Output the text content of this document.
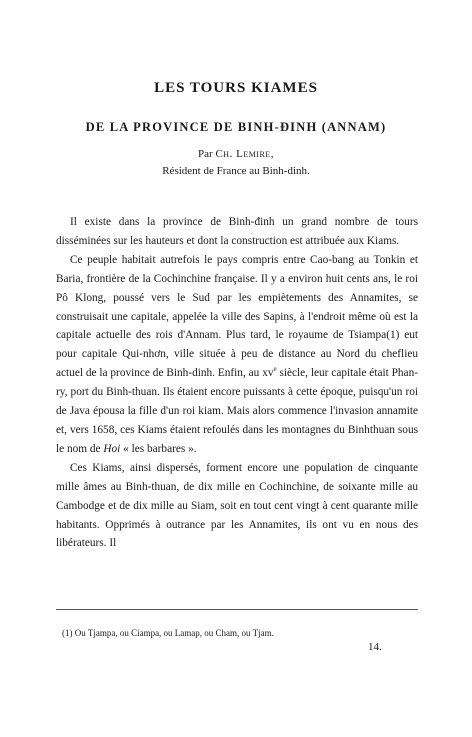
LES TOURS KIAMES
DE LA PROVINCE DE BINH-ĐINH (ANNAM)

Par Ch. Lemire,

Résident de France au Binh-dinh.

Il existe dans la province de Binh-đinh un grand nombre de tours disséminées sur les hauteurs et dont la construction est attribuée aux Kiams.

Ce peuple habitait autrefois le pays compris entre Cao-bang au Tonkin et Baria, frontière de la Cochinchine française. Il y a environ huit cents ans, le roi Pô Klong, poussé vers le Sud par les empiètements des Annamites, se construisait une capitale, appelée la ville des Sapins, à l'endroit même où est la capitale actuelle des rois d'Annam. Plus tard, le royaume de Tsiampa(1) eut pour capitale Qui-nhơn, ville située à peu de distance au Nord du cheflieu actuel de la province de Binh-dinh. Enfin, au $xv^e$ siècle, leur capitale était Phan-ry, port du Binh-thuan. Ils étaient encore puissants à cette époque, puisqu'un roi de Java épousa la fille d'un roi kiam. Mais alors commence l'invasion annamite et, vers 1658, ces Kiams étaient refoulés dans les montagnes du Binhthuan sous le nom de Hoi « les barbares ».

Ces Kiams, ainsi dispersés, forment encore une population de cinquante mille âmes au Binh-thuan, de dix mille en Cochinchine, de soixante mille au Cambodge et de dix mille au Siam, soit en tout cent vingt à cent quarante mille habitants. Opprimés à outrance par les Annamites, ils ont vu en nous des libérateurs. Il

(1) Ou Tjampa, ou Ciampa, ou Lamap, ou Cham, ou Tjam.

14.
